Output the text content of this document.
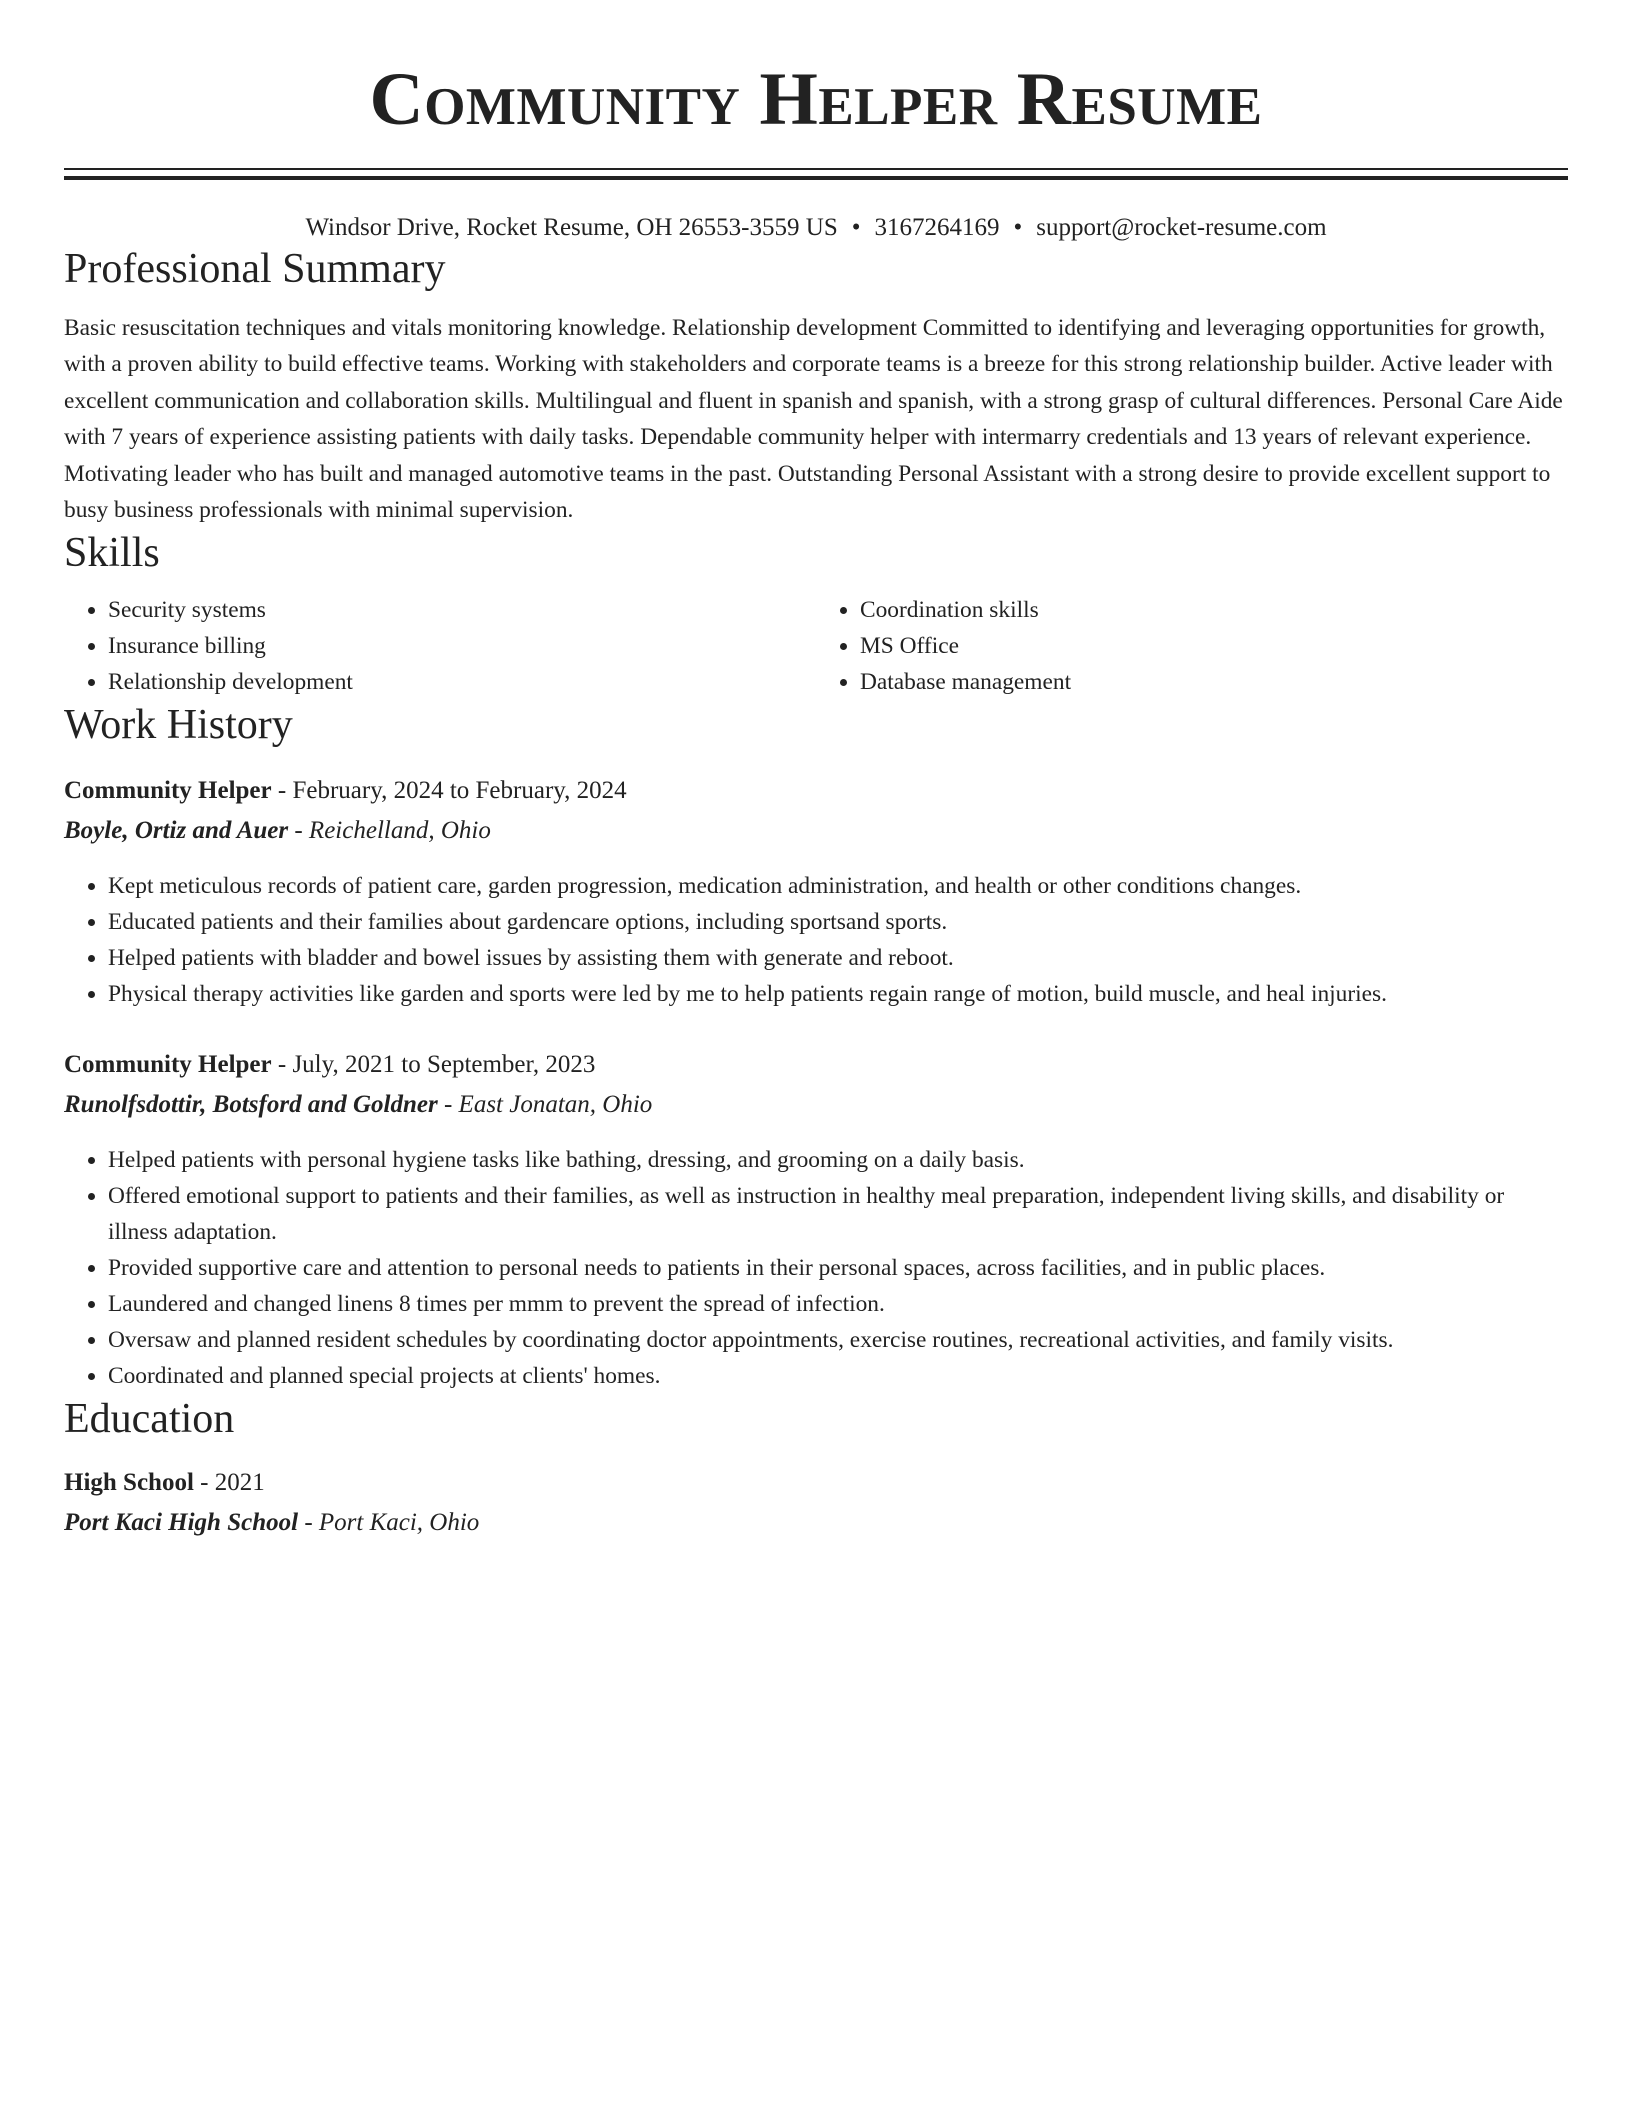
Community Helper Resume
Windsor Drive, Rocket Resume, OH 26553-3559 US • 3167264169 • support@rocket-resume.com
Professional Summary

Basic resuscitation techniques and vitals monitoring knowledge. Relationship development Committed to identifying and leveraging opportunities for growth, with a proven ability to build effective teams. Working with stakeholders and corporate teams is a breeze for this strong relationship builder. Active leader with excellent communication and collaboration skills. Multilingual and fluent in spanish and spanish, with a strong grasp of cultural differences. Personal Care Aide with 7 years of experience assisting patients with daily tasks. Dependable community helper with intermarry credentials and 13 years of relevant experience. Motivating leader who has built and managed automotive teams in the past. Outstanding Personal Assistant with a strong desire to provide excellent support to busy business professionals with minimal supervision.

Skills
• Security systems
• Insurance billing
• Relationship development
• Coordination skills
• MS Office
• Database management
Work History
Community Helper - February, 2024 to February, 2024
Boyle, Ortiz and Auer - Reichelland, Ohio
• Kept meticulous records of patient care, garden progression, medication administration, and health or other conditions changes.
• Educated patients and their families about gardencare options, including sportsand sports.
• Helped patients with bladder and bowel issues by assisting them with generate and reboot.
• Physical therapy activities like garden and sports were led by me to help patients regain range of motion, build muscle, and heal injuries.
Community Helper - July, 2021 to September, 2023
Runolfsdottir, Botsford and Goldner - East Jonatan, Ohio
• Helped patients with personal hygiene tasks like bathing, dressing, and grooming on a daily basis.
• Offered emotional support to patients and their families, as well as instruction in healthy meal preparation, independent living skills, and disability or illness adaptation.
• Provided supportive care and attention to personal needs to patients in their personal spaces, across facilities, and in public places.
• Laundered and changed linens 8 times per mmm to prevent the spread of infection.
• Oversaw and planned resident schedules by coordinating doctor appointments, exercise routines, recreational activities, and family visits.
• Coordinated and planned special projects at clients' homes.
Education
High School - 2021
Port Kaci High School - Port Kaci, Ohio
